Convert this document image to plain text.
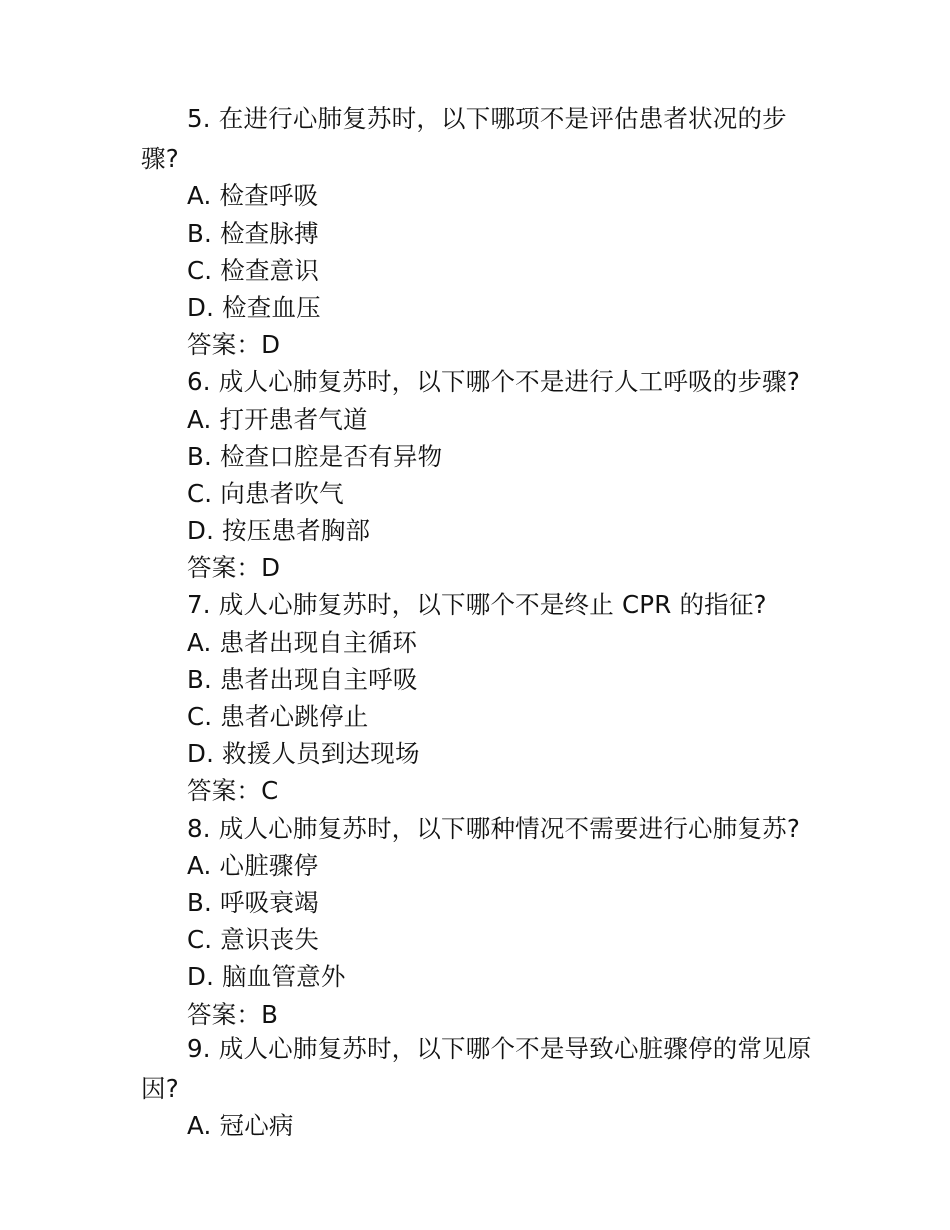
5. 在进行心肺复苏时，以下哪项不是评估患者状况的步
骤?
A. 检查呼吸
B. 检查脉搏
C. 检查意识
D. 检查血压
答案：D
6. 成人心肺复苏时，以下哪个不是进行人工呼吸的步骤?
A. 打开患者气道
B. 检查口腔是否有异物
C. 向患者吹气
D. 按压患者胸部
答案：D
7. 成人心肺复苏时，以下哪个不是终止 CPR 的指征?
A. 患者出现自主循环
B. 患者出现自主呼吸
C. 患者心跳停止
D. 救援人员到达现场
答案：C
8. 成人心肺复苏时，以下哪种情况不需要进行心肺复苏?
A. 心脏骤停
B. 呼吸衰竭
C. 意识丧失
D. 脑血管意外
答案：B
9. 成人心肺复苏时，以下哪个不是导致心脏骤停的常见原
因?
A. 冠心病
